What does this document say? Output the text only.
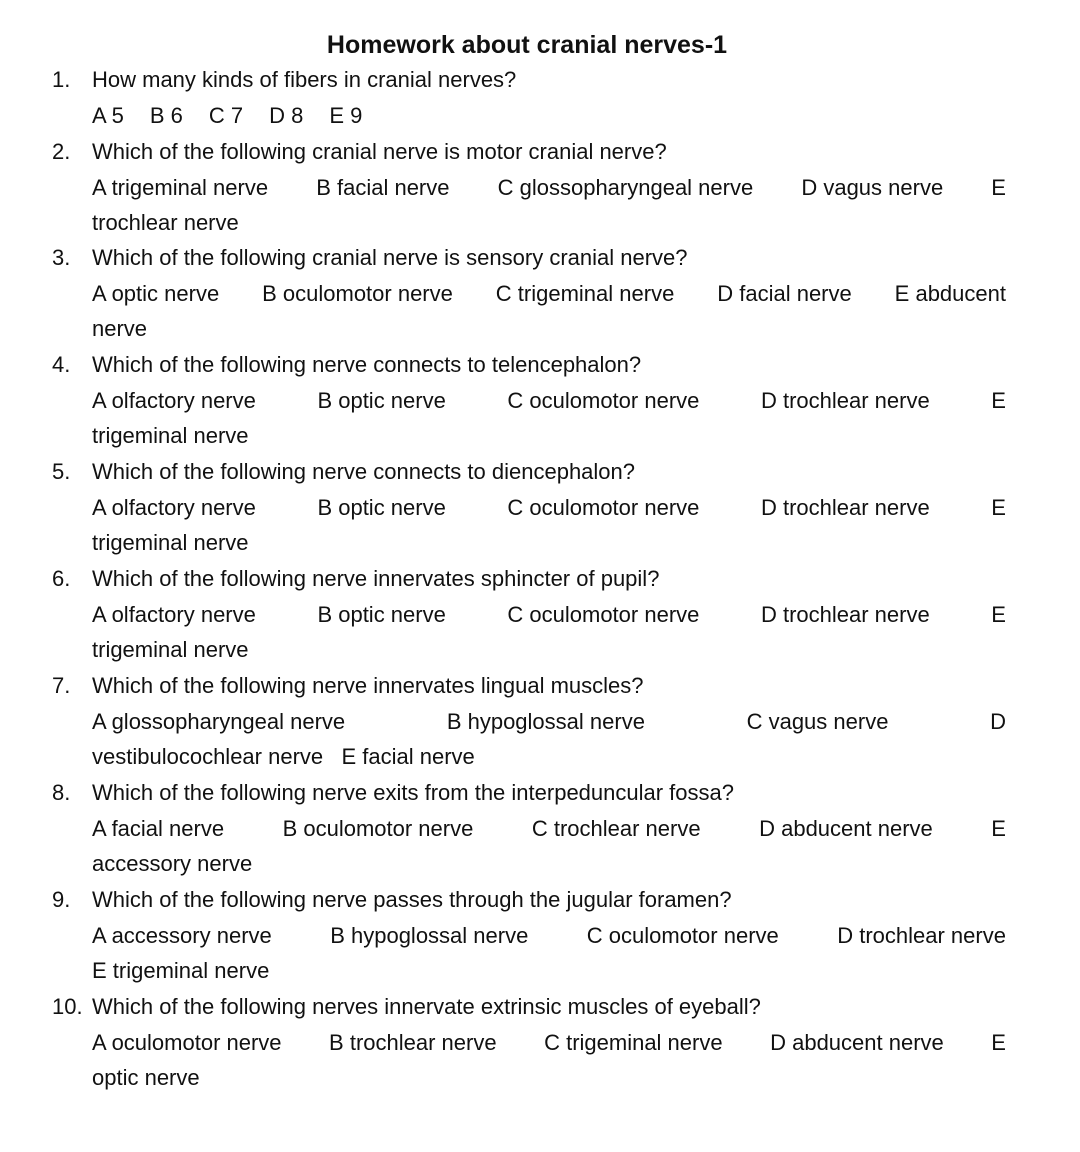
Homework about cranial nerves-1
1. How many kinds of fibers in cranial nerves?
A 5 B 6 C 7 D 8 E 9
2. Which of the following cranial nerve is motor cranial nerve?
A trigeminal nerve B facial nerve C glossopharyngeal nerve D vagus nerve E
trochlear nerve
3. Which of the following cranial nerve is sensory cranial nerve?
A optic nerve B oculomotor nerve C trigeminal nerve D facial nerve E abducent
nerve
4. Which of the following nerve connects to telencephalon?
A olfactory nerve	B optic nerve	C oculomotor nerve	D trochlear nerve	E
trigeminal nerve
5. Which of the following nerve connects to diencephalon?
A olfactory nerve	B optic nerve	C oculomotor nerve	D trochlear nerve	E
trigeminal nerve
6. Which of the following nerve innervates sphincter of pupil?
A olfactory nerve	B optic nerve	C oculomotor nerve	D trochlear nerve	E
trigeminal nerve
7. Which of the following nerve innervates lingual muscles?
A glossopharyngeal nerve	B hypoglossal nerve	C vagus nerve	D
vestibulocochlear nerve   E facial nerve
8. Which of the following nerve exits from the interpeduncular fossa?
A facial nerve	B oculomotor nerve	C trochlear nerve	D abducent nerve	E
accessory nerve
9. Which of the following nerve passes through the jugular foramen?
A accessory nerve	B hypoglossal nerve	C oculomotor nerve	D trochlear nerve
E trigeminal nerve
10. Which of the following nerves innervate extrinsic muscles of eyeball?
A oculomotor nerve B trochlear nerve C trigeminal nerve D abducent nerve E
optic nerve
